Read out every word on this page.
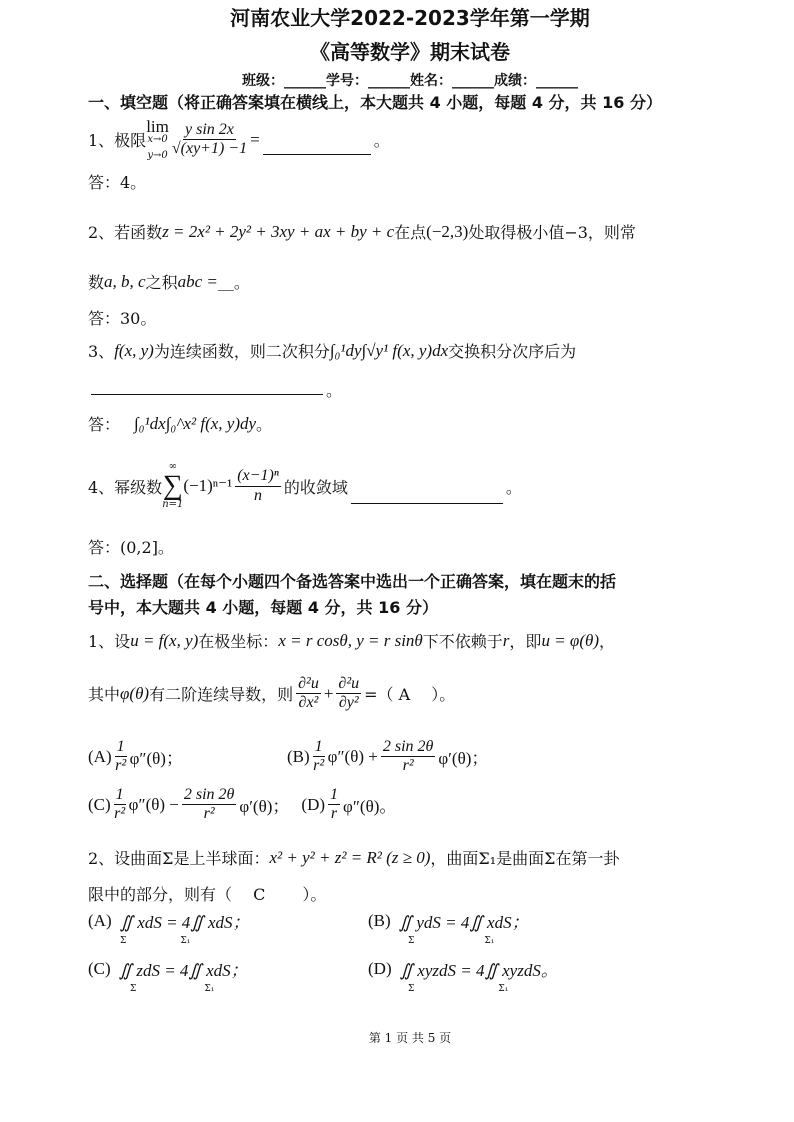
河南农业大学2022-2023学年第一学期
《高等数学》期末试卷
班级：______学号：______姓名：______成绩：______
一、填空题（将正确答案填在横线上，本大题共 4 小题，每题 4 分，共 16 分）
1、极限
lim
x→0
$y\to 0 \frac{\text{y sin 2x}}{√(xy+1) -1}$ =	。
答：4。
2、若函数 z = 2x² + 2y² + 3xy + ax + by + c 在点 (−2,3) 处取得极小值−3，则常
数 a, b, c 之积 abc = __ 。
答：30。
3、 f(x, y) 为连续函数，则二次积分 ∫₀¹dy∫√y¹ f(x, y)dx 交换积分次序后为
。
答： ∫₀¹dx∫₀^x² f(x, y)dy 。
4、幂级数
∞
∑
n=1
$(-1)^{n-1} \frac{\text{(x−1)ⁿ}}{n}$ 的收敛域	。
答：(0,2]。
二、选择题（在每个小题四个备选答案中选出一个正确答案，填在题末的括
号中，本大题共 4 小题，每题 4 分，共 16 分）
1、设 u = f(x, y) 在极坐标： x = r cosθ, y = r sinθ 下不依赖于 r ，即 u = φ(θ) ，
其中 φ(θ) 有二阶连续导数，则 $\frac{\text{∂²u}}{\text{∂x²}} + \frac{\text{∂²u}}{\text{∂y²}}$ =（ A　 ）。
$(A) \frac{1}{\text{r²}} \varphi''(\theta)$；	$(B) \frac{1}{\text{r²}} \varphi''(\theta) + \frac{2 \sin 2\theta}{\text{r²}} \varphi'(\theta)$；
$(C) \frac{1}{\text{r²}} \varphi''(\theta) - \frac{2 \sin 2\theta}{\text{r²}} \varphi'(\theta)$； $(D) \frac{1}{r} \varphi''(\theta)$。
2、设曲面Σ是上半球面： x² + y² + z² = R² (z ≥ 0) ，曲面Σ₁是曲面Σ在第一卦
限中的部分，则有（　 C　　 ）。
(A) ∬ xdS = 4∬ xdS；	(B) ∬ ydS = 4∬ xdS；
(C) ∬ zdS = 4∬ xdS；	(D) ∬ xyzdS = 4∬ xyzdS。
Σ	Σ₁	Σ	Σ₁
Σ	Σ₁	Σ	Σ₁
第 1 页 共 5 页
